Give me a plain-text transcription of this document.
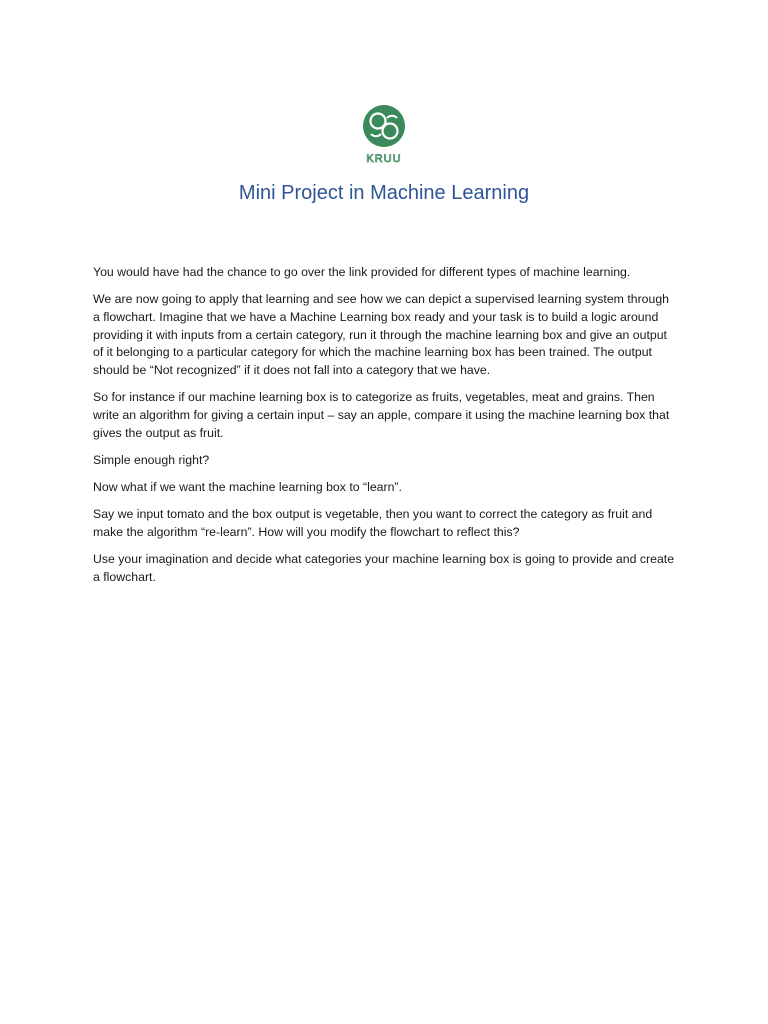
KRUU
Mini Project in Machine Learning

You would have had the chance to go over the link provided for different types of machine learning.

We are now going to apply that learning and see how we can depict a supervised learning system through a flowchart. Imagine that we have a Machine Learning box ready and your task is to build a logic around providing it with inputs from a certain category, run it through the machine learning box and give an output of it belonging to a particular category for which the machine learning box has been trained. The output should be “Not recognized” if it does not fall into a category that we have.

So for instance if our machine learning box is to categorize as fruits, vegetables, meat and grains. Then write an algorithm for giving a certain input – say an apple, compare it using the machine learning box that gives the output as fruit.

Simple enough right?

Now what if we want the machine learning box to “learn”.

Say we input tomato and the box output is vegetable, then you want to correct the category as fruit and make the algorithm “re-learn”. How will you modify the flowchart to reflect this?

Use your imagination and decide what categories your machine learning box is going to provide and create a flowchart.
